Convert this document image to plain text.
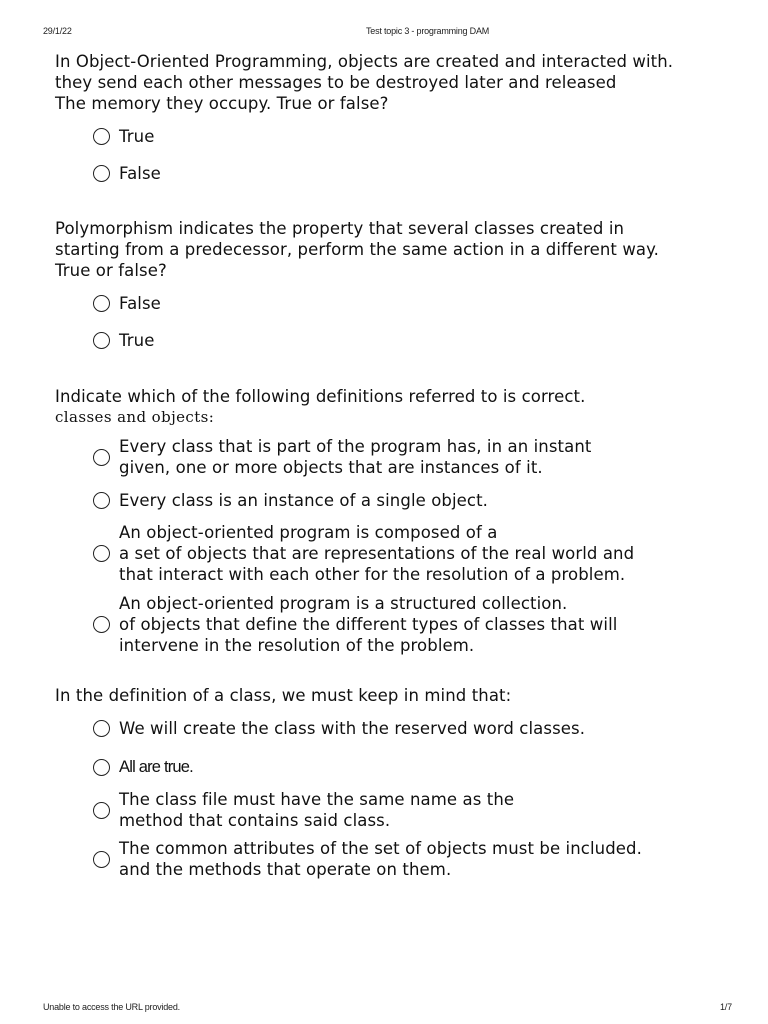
29/1/22	Test topic 3 - programming DAM
In Object-Oriented Programming, objects are created and interacted with.
they send each other messages to be destroyed later and released
The memory they occupy. True or false?
True
False
Polymorphism indicates the property that several classes created in
starting from a predecessor, perform the same action in a different way.
True or false?
False
True
Indicate which of the following definitions referred to is correct.
classes and objects:
Every class that is part of the program has, in an instant
given, one or more objects that are instances of it.
Every class is an instance of a single object.
An object-oriented program is composed of a
a set of objects that are representations of the real world and
that interact with each other for the resolution of a problem.
An object-oriented program is a structured collection.
of objects that define the different types of classes that will
intervene in the resolution of the problem.
In the definition of a class, we must keep in mind that:
We will create the class with the reserved word classes.
All are true.
The class file must have the same name as the
method that contains said class.
The common attributes of the set of objects must be included.
and the methods that operate on them.
Unable to access the URL provided.	1/7
